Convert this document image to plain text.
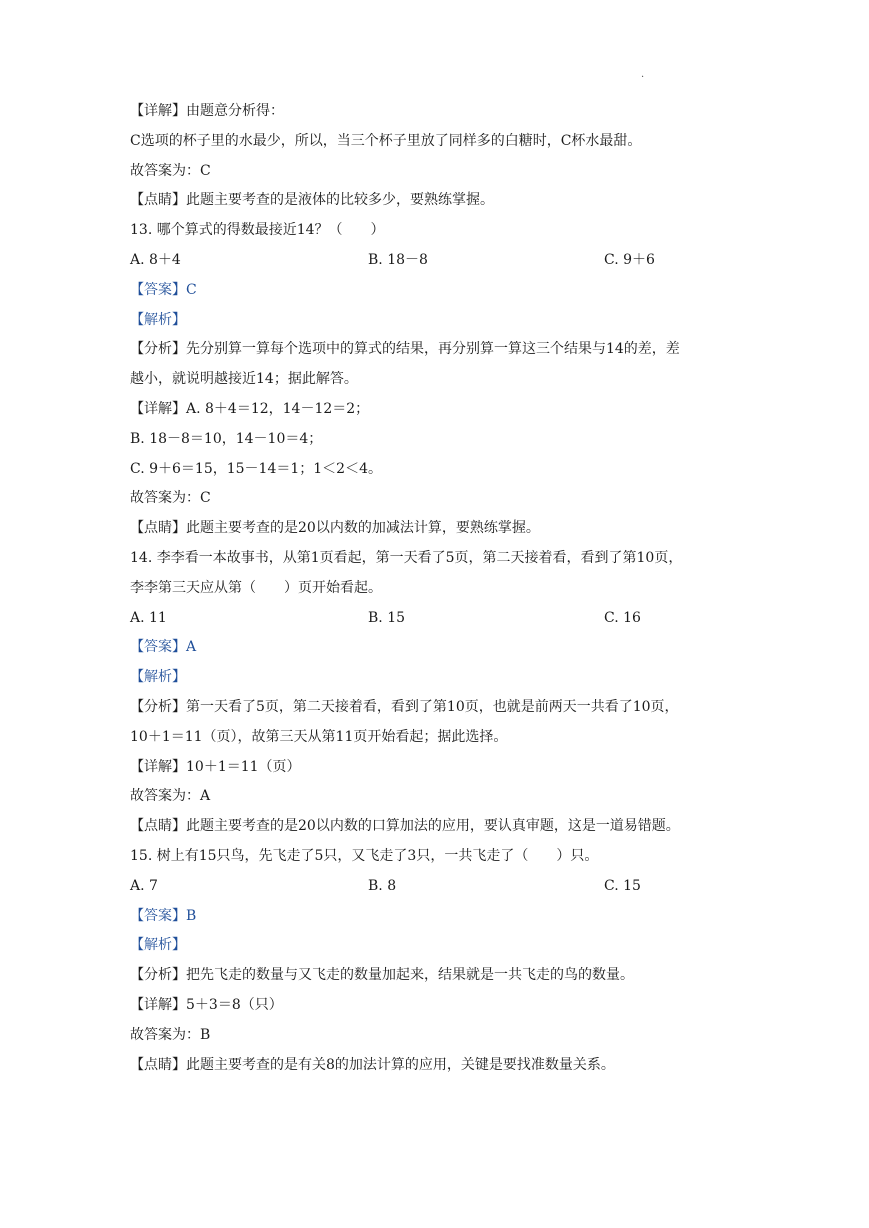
·
【详解】由题意分析得：
C选项的杯子里的水最少，所以，当三个杯子里放了同样多的白糖时，C杯水最甜。
故答案为：C
【点睛】此题主要考查的是液体的比较多少，要熟练掌握。
13. 哪个算式的得数最接近14？（　　）
A. 8＋4	B. 18－8	C. 9＋6
【答案】C
【解析】
【分析】先分别算一算每个选项中的算式的结果，再分别算一算这三个结果与14的差，差
越小，就说明越接近14；据此解答。
【详解】A. 8＋4＝12，14－12＝2；
B. 18－8＝10，14－10＝4；
C. 9＋6＝15，15－14＝1；1＜2＜4。
故答案为：C
【点睛】此题主要考查的是20以内数的加减法计算，要熟练掌握。
14. 李李看一本故事书，从第1页看起，第一天看了5页，第二天接着看，看到了第10页，
李李第三天应从第（　　）页开始看起。
A. 11	B. 15	C. 16
【答案】A
【解析】
【分析】第一天看了5页，第二天接着看，看到了第10页，也就是前两天一共看了10页，
10＋1＝11（页），故第三天从第11页开始看起；据此选择。
【详解】10＋1＝11（页）
故答案为：A
【点睛】此题主要考查的是20以内数的口算加法的应用，要认真审题，这是一道易错题。
15. 树上有15只鸟，先飞走了5只，又飞走了3只，一共飞走了（　　）只。
A. 7	B. 8	C. 15
【答案】B
【解析】
【分析】把先飞走的数量与又飞走的数量加起来，结果就是一共飞走的鸟的数量。
【详解】5＋3＝8（只）
故答案为：B
【点睛】此题主要考查的是有关8的加法计算的应用，关键是要找准数量关系。
